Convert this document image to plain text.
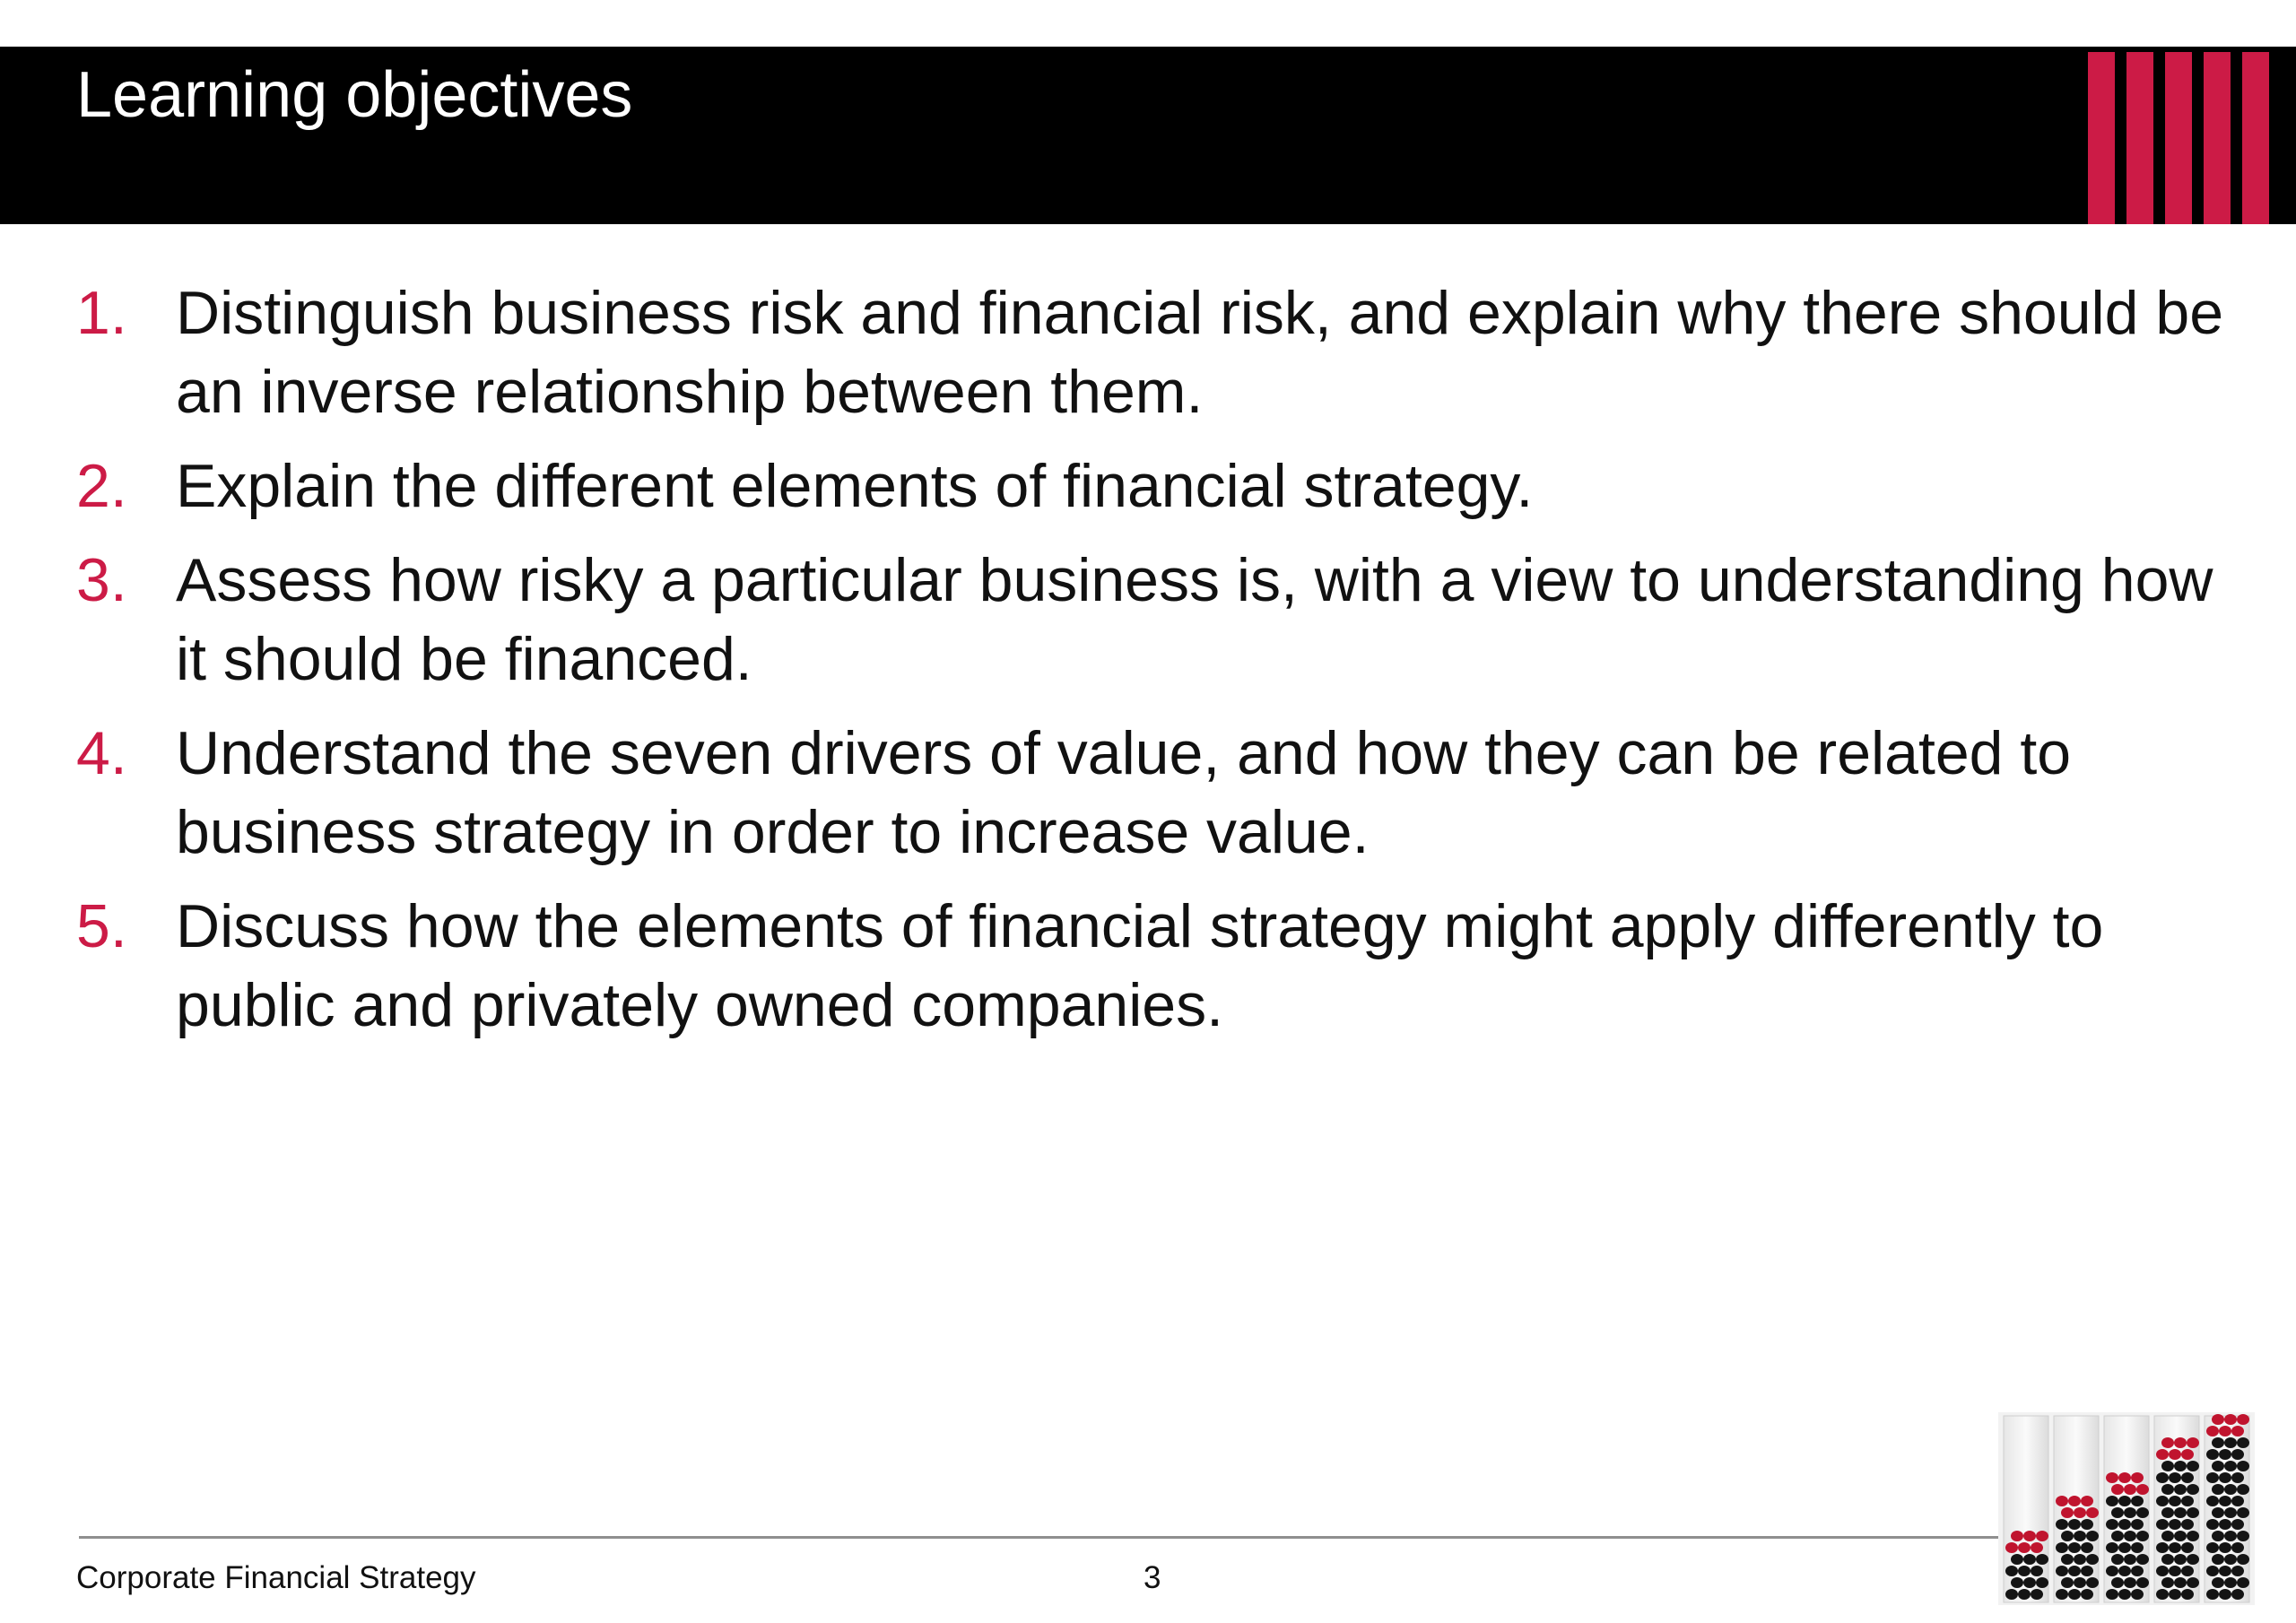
Learning objectives
1. Distinguish business risk and financial risk, and explain why there should be an inverse relationship between them.
2. Explain the different elements of financial strategy.
3. Assess how risky a particular business is, with a view to understanding how it should be financed.
4. Understand the seven drivers of value, and how they can be related to business strategy in order to increase value.
5. Discuss how the elements of financial strategy might apply differently to public and privately owned companies.
Corporate Financial Strategy	3
